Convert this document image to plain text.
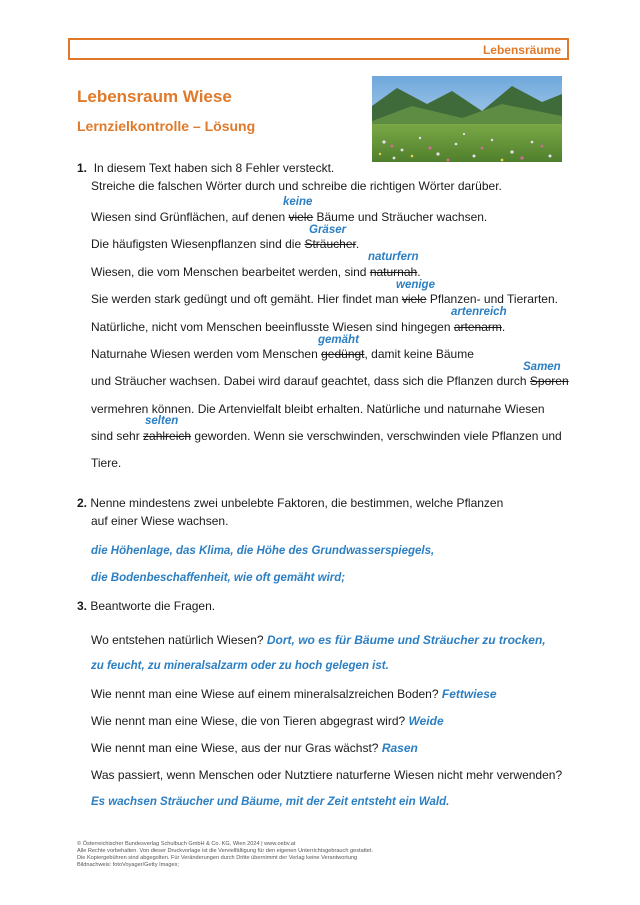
Lebensräume
Lebensraum Wiese
Lernzielkontrolle – Lösung
1. In diesem Text haben sich 8 Fehler versteckt.
Streiche die falschen Wörter durch und schreibe die richtigen Wörter darüber.
keine
Wiesen sind Grünflächen, auf denen viele Bäume und Sträucher wachsen.
Gräser
Die häufigsten Wiesenpflanzen sind die Sträucher.
naturfern
Wiesen, die vom Menschen bearbeitet werden, sind naturnah.
wenige
Sie werden stark gedüngt und oft gemäht. Hier findet man viele Pflanzen- und Tierarten.
artenreich
Natürliche, nicht vom Menschen beeinflusste Wiesen sind hingegen artenarm.
gemäht
Naturnahe Wiesen werden vom Menschen gedüngt, damit keine Bäume
Samen
und Sträucher wachsen. Dabei wird darauf geachtet, dass sich die Pflanzen durch Sporen
vermehren können. Die Artenvielfalt bleibt erhalten. Natürliche und naturnahe Wiesen
selten
sind sehr zahlreich geworden. Wenn sie verschwinden, verschwinden viele Pflanzen und
Tiere.
2. Nenne mindestens zwei unbelebte Faktoren, die bestimmen, welche Pflanzen
auf einer Wiese wachsen.
die Höhenlage, das Klima, die Höhe des Grundwasserspiegels,
die Bodenbeschaffenheit, wie oft gemäht wird;
3. Beantworte die Fragen.
Wo entstehen natürlich Wiesen? Dort, wo es für Bäume und Sträucher zu trocken,
zu feucht, zu mineralsalzarm oder zu hoch gelegen ist.
Wie nennt man eine Wiese auf einem mineralsalzreichen Boden? Fettwiese
Wie nennt man eine Wiese, die von Tieren abgegrast wird? Weide
Wie nennt man eine Wiese, aus der nur Gras wächst? Rasen
Was passiert, wenn Menschen oder Nutztiere naturferne Wiesen nicht mehr verwenden?
Es wachsen Sträucher und Bäume, mit der Zeit entsteht ein Wald.
© Österreichischer Bundesverlag Schulbuch GmbH & Co. KG, Wien 2024 | www.oebv.at
Alle Rechte vorbehalten. Von dieser Druckvorlage ist die Vervielfältigung für den eigenen Unterrichtsgebrauch gestattet.
Die Kopiergebühren sind abgegolten. Für Veränderungen durch Dritte übernimmt der Verlag keine Verantwortung
Bildnachweis: fotoVoyager/Getty Images;
